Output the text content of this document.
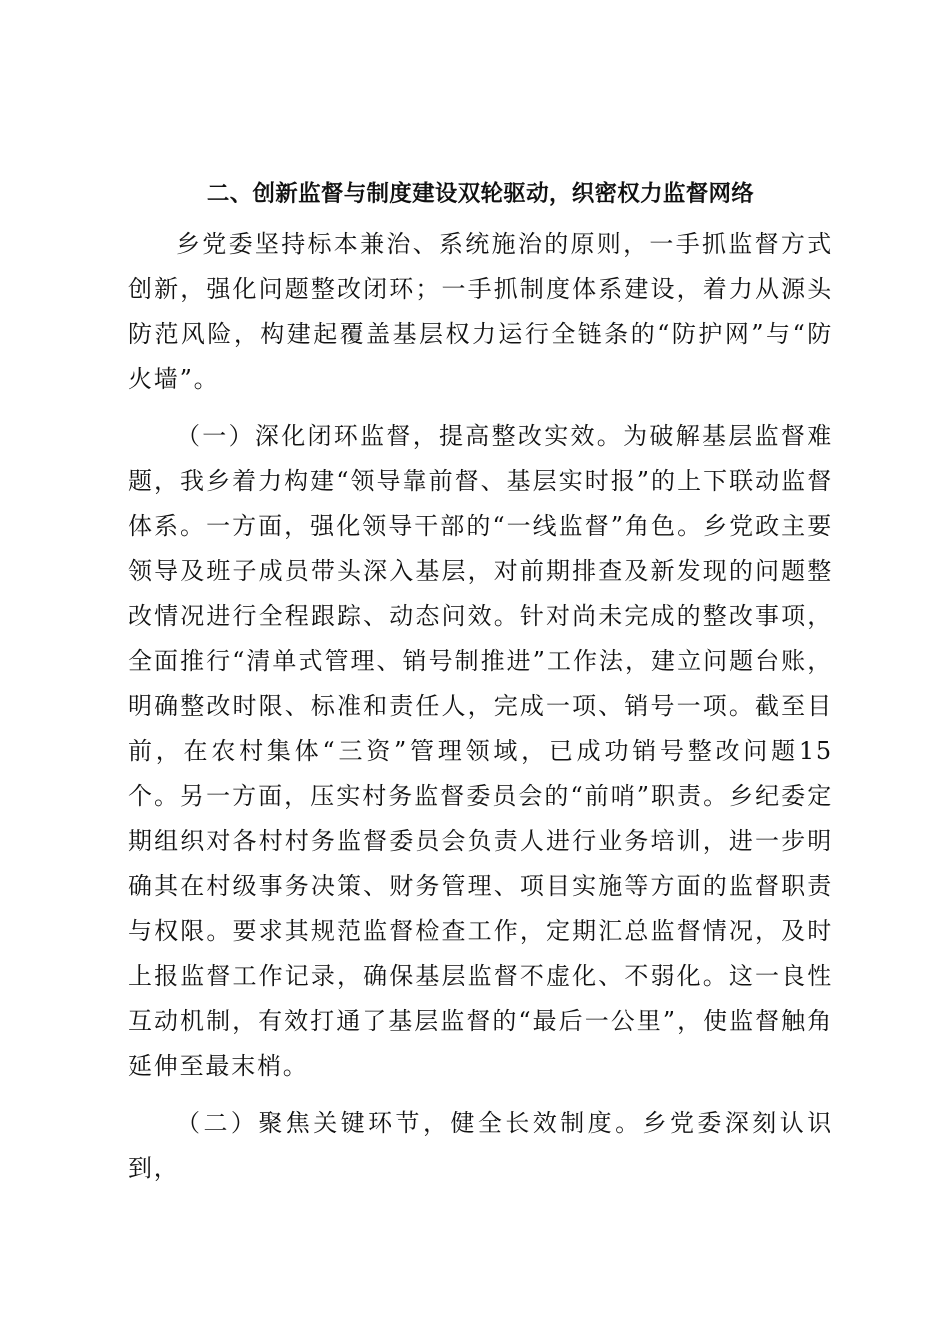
二、创新监督与制度建设双轮驱动，织密权力监督网络

乡党委坚持标本兼治、系统施治的原则，一手抓监督方式创新，强化问题整改闭环；一手抓制度体系建设，着力从源头防范风险，构建起覆盖基层权力运行全链条的“防护网”与“防火墙”。

（一）深化闭环监督，提高整改实效。为破解基层监督难题，我乡着力构建“领导靠前督、基层实时报”的上下联动监督体系。一方面，强化领导干部的“一线监督”角色。乡党政主要领导及班子成员带头深入基层，对前期排查及新发现的问题整改情况进行全程跟踪、动态问效。针对尚未完成的整改事项，全面推行“清单式管理、销号制推进”工作法，建立问题台账，明确整改时限、标准和责任人，完成一项、销号一项。截至目前，在农村集体“三资”管理领域，已成功销号整改问题15个。另一方面，压实村务监督委员会的“前哨”职责。乡纪委定期组织对各村村务监督委员会负责人进行业务培训，进一步明确其在村级事务决策、财务管理、项目实施等方面的监督职责与权限。要求其规范监督检查工作，定期汇总监督情况，及时上报监督工作记录，确保基层监督不虚化、不弱化。这一良性互动机制，有效打通了基层监督的“最后一公里”，使监督触角延伸至最末梢。

（二）聚焦关键环节，健全长效制度。乡党委深刻认识到，
